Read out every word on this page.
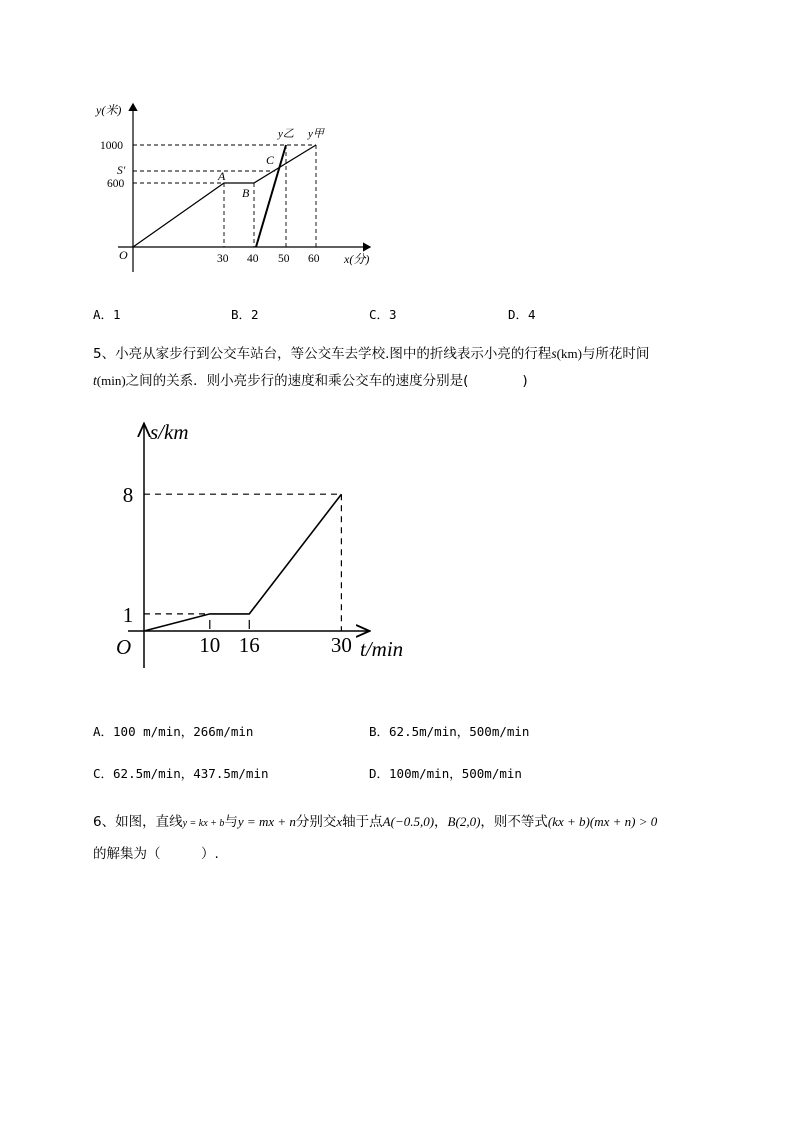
y(米)
O
1000
S′
600
30 40 50 60 x(分)
A
B
C
y乙 y甲
A．1	B．2	C．3	D．4
5、小亮从家步行到公交车站台，等公交车去学校.图中的折线表示小亮的行程s(km)与所花时间
t(min)之间的关系．则小亮步行的速度和乘公交车的速度分别是(　　　　)
10 16	30
1
8
s/km
t/min
O
A．100 m/min，266m/min	B．62.5m/min，500m/min
C．62.5m/min，437.5m/min	D．100m/min，500m/min
6、如图，直线y = kx + b与y = mx + n分别交x轴于点A(−0.5,0)，B(2,0)，则不等式(kx + b)(mx + n) > 0
的解集为（　　　）.
